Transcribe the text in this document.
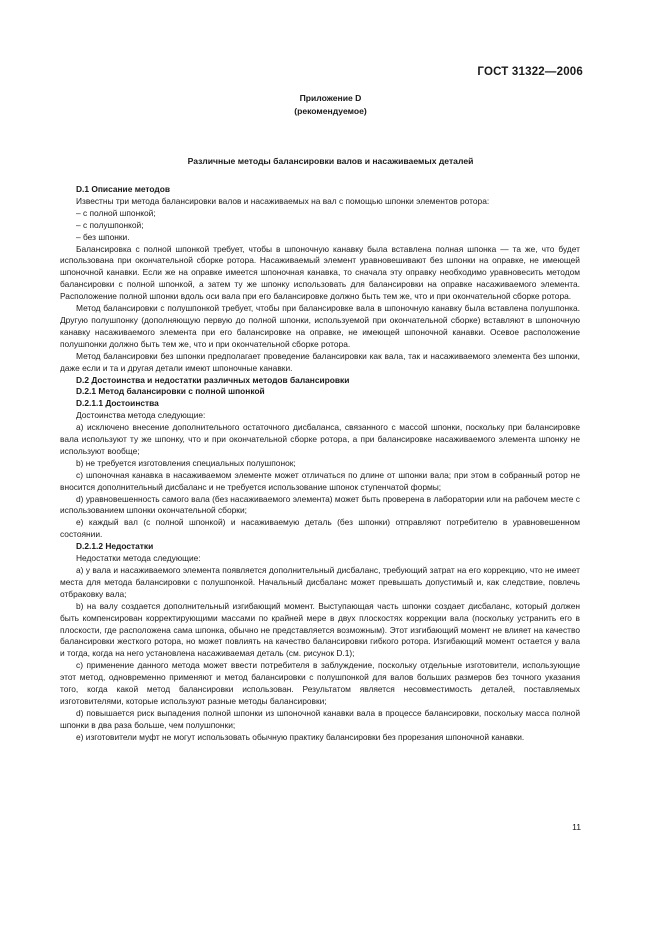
ГОСТ 31322—2006
Приложение D
(рекомендуемое)
Различные методы балансировки валов и насаживаемых деталей

D.1 Описание методов

Известны три метода балансировки валов и насаживаемых на вал с помощью шпонки элементов ротора:

– с полной шпонкой;

– с полушпонкой;

– без шпонки.

Балансировка с полной шпонкой требует, чтобы в шпоночную канавку была вставлена полная шпонка — та же, что будет использована при окончательной сборке ротора. Насаживаемый элемент уравновешивают без шпонки на оправке, не имеющей шпоночной канавки. Если же на оправке имеется шпоночная канавка, то сначала эту оправку необходимо уравновесить методом балансировки с полной шпонкой, а затем ту же шпонку использовать для балансировки на оправке насаживаемого элемента. Расположение полной шпонки вдоль оси вала при его балансировке должно быть тем же, что и при окончательной сборке ротора.

Метод балансировки с полушпонкой требует, чтобы при балансировке вала в шпоночную канавку была вставлена полушпонка. Другую полушпонку (дополняющую первую до полной шпонки, используемой при окончательной сборке) вставляют в шпоночную канавку насаживаемого элемента при его балансировке на оправке, не имеющей шпоночной канавки. Осевое расположение полушпонки должно быть тем же, что и при окончательной сборке ротора.

Метод балансировки без шпонки предполагает проведение балансировки как вала, так и насаживаемого элемента без шпонки, даже если и та и другая детали имеют шпоночные канавки.

D.2 Достоинства и недостатки различных методов балансировки

D.2.1 Метод балансировки с полной шпонкой

D.2.1.1 Достоинства

Достоинства метода следующие:

a) исключено внесение дополнительного остаточного дисбаланса, связанного с массой шпонки, поскольку при балансировке вала используют ту же шпонку, что и при окончательной сборке ротора, а при балансировке насаживаемого элемента шпонку не используют вообще;

b) не требуется изготовления специальных полушпонок;

c) шпоночная канавка в насаживаемом элементе может отличаться по длине от шпонки вала; при этом в собранный ротор не вносится дополнительный дисбаланс и не требуется использование шпонок ступенчатой формы;

d) уравновешенность самого вала (без насаживаемого элемента) может быть проверена в лаборатории или на рабочем месте с использованием шпонки окончательной сборки;

e) каждый вал (с полной шпонкой) и насаживаемую деталь (без шпонки) отправляют потребителю в уравновешенном состоянии.

D.2.1.2 Недостатки

Недостатки метода следующие:

a) у вала и насаживаемого элемента появляется дополнительный дисбаланс, требующий затрат на его коррекцию, что не имеет места для метода балансировки с полушпонкой. Начальный дисбаланс может превышать допустимый и, как следствие, повлечь отбраковку вала;

b) на валу создается дополнительный изгибающий момент. Выступающая часть шпонки создает дисбаланс, который должен быть компенсирован корректирующими массами по крайней мере в двух плоскостях коррекции вала (поскольку устранить его в плоскости, где расположена сама шпонка, обычно не представляется возможным). Этот изгибающий момент не влияет на качество балансировки жесткого ротора, но может повлиять на качество балансировки гибкого ротора. Изгибающий момент остается у вала и тогда, когда на него установлена насаживаемая деталь (см. рисунок D.1);

c) применение данного метода может ввести потребителя в заблуждение, поскольку отдельные изготовители, использующие этот метод, одновременно применяют и метод балансировки с полушпонкой для валов больших размеров без точного указания того, когда какой метод балансировки использован. Результатом является несовместимость деталей, поставляемых изготовителями, которые используют разные методы балансировки;

d) повышается риск выпадения полной шпонки из шпоночной канавки вала в процессе балансировки, поскольку масса полной шпонки в два раза больше, чем полушпонки;

e) изготовители муфт не могут использовать обычную практику балансировки без прорезания шпоночной канавки.

11
